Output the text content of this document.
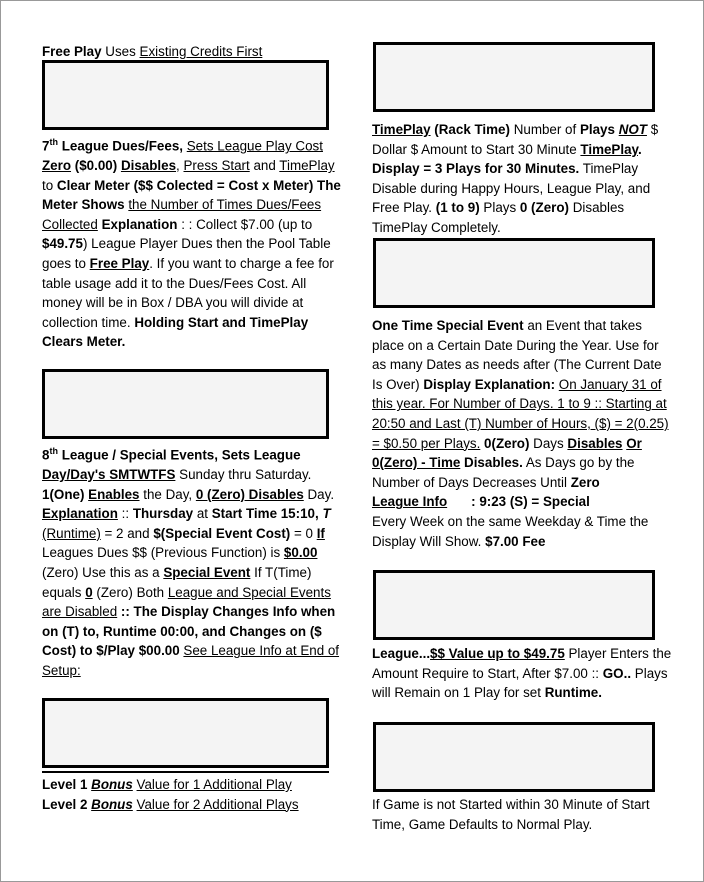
Free Play Uses Existing Credits First

7th League Dues/Fees, Sets League Play Cost Zero ($0.00) Disables, Press Start and TimePlay to Clear Meter ($$ Colected = Cost x Meter) The Meter Shows the Number of Times Dues/Fees Collected Explanation : : Collect $7.00 (up to $49.75) League Player Dues then the Pool Table goes to Free Play. If you want to charge a fee for table usage add it to the Dues/Fees Cost. All money will be in Box / DBA you will divide at collection time. Holding Start and TimePlay Clears Meter.

8th League / Special Events, Sets League Day/Day's SMTWTFS Sunday thru Saturday. 1(One) Enables the Day, 0 (Zero) Disables Day. Explanation :: Thursday at Start Time 15:10, T (Runtime) = 2 and $(Special Event Cost) = 0 If Leagues Dues $$ (Previous Function) is $0.00 (Zero) Use this as a Special Event If T(Time) equals 0 (Zero) Both League and Special Events are Disabled :: The Display Changes Info when on (T) to, Runtime 00:00, and Changes on ($ Cost) to $/Play $00.00 See League Info at End of Setup:

Level 1 Bonus Value for 1 Additional Play

Level 2 Bonus Value for 2 Additional Plays

TimePlay (Rack Time) Number of Plays NOT $ Dollar $ Amount to Start 30 Minute TimePlay. Display = 3 Plays for 30 Minutes. TimePlay Disable during Happy Hours, League Play, and Free Play. (1 to 9) Plays 0 (Zero) Disables TimePlay Completely.

One Time Special Event an Event that takes place on a Certain Date During the Year. Use for as many Dates as needs after (The Current Date Is Over) Display Explanation: On January 31 of this year. For Number of Days. 1 to 9 :: Starting at 20:50 and Last (T) Number of Hours, ($) = 2(0.25) = $0.50 per Plays. 0(Zero) Days Disables Or 0(Zero) - Time Disables. As Days go by the Number of Days Decreases Until Zero

League Info : 9:23 (S) = Special

Every Week on the same Weekday & Time the Display Will Show. $7.00 Fee

League...$$ Value up to $49.75 Player Enters the Amount Require to Start, After $7.00 :: GO.. Plays will Remain on 1 Play for set Runtime.

If Game is not Started within 30 Minute of Start Time, Game Defaults to Normal Play.
